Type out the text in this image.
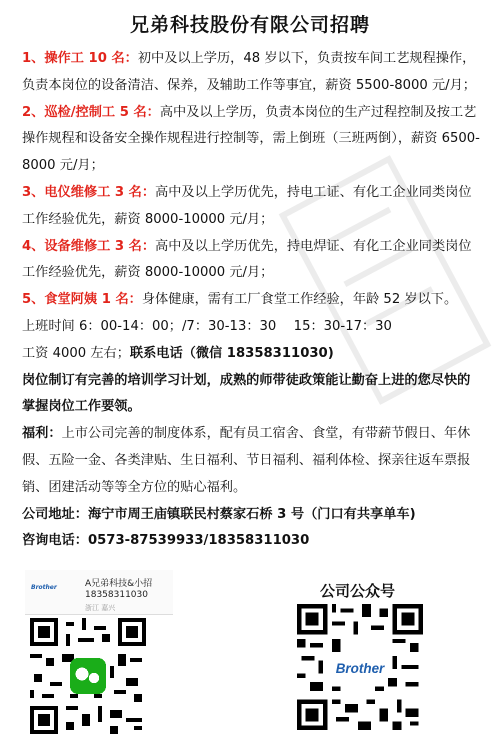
兄弟科技股份有限公司招聘

1、操作工 10 名：初中及以上学历，48 岁以下，负责按车间工艺规程操作，负责本岗位的设备清洁、保养，及辅助工作等事宜，薪资 5500-8000 元/月；

2、巡检/控制工 5 名：高中及以上学历，负责本岗位的生产过程控制及按工艺操作规程和设备安全操作规程进行控制等，需上倒班（三班两倒），薪资 6500-8000 元/月；

3、电仪维修工 3 名：高中及以上学历优先，持电工证、有化工企业同类岗位工作经验优先，薪资 8000-10000 元/月；

4、设备维修工 3 名：高中及以上学历优先，持电焊证、有化工企业同类岗位工作经验优先，薪资 8000-10000 元/月；

5、食堂阿姨 1 名：身体健康，需有工厂食堂工作经验，年龄 52 岁以下。

上班时间 6：00-14：00；/7：30-13：30　 15：30-17：30

工资 4000 左右；联系电话（微信 18358311030)

岗位制订有完善的培训学习计划，成熟的师带徒政策能让勤奋上进的您尽快的掌握岗位工作要领。

福利：上市公司完善的制度体系，配有员工宿舍、食堂，有带薪节假日、年休假、五险一金、各类津贴、生日福利、节日福利、福利体检、探亲往返车票报销、团建活动等等全方位的贴心福利。

公司地址：海宁市周王庙镇联民村蔡家石桥 3 号（门口有共享单车)

咨询电话：0573-87539933/18358311030

Brother	A兄弟科技&小招
18358311030
浙江 嘉兴
公司公众号
Brother
